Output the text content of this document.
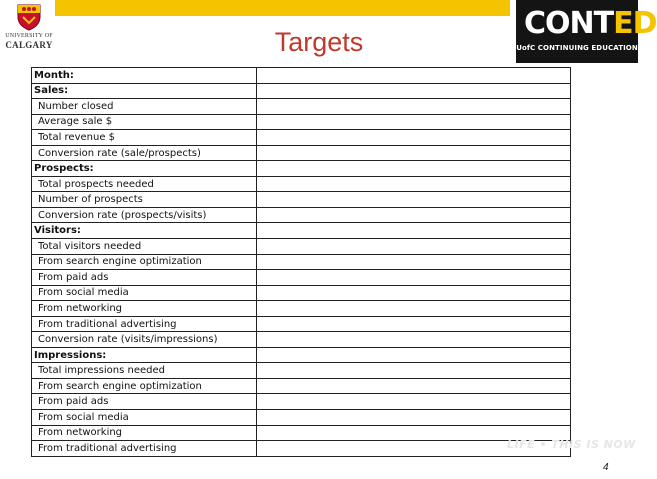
UNIVERSITY OF
CALGARY	Targets
CONTED
UofC CONTINUING EDUCATION
Month:	
Sales:	
Number closed	
Average sale $	
Total revenue $	
Conversion rate (sale/prospects)	
Prospects:	
Total prospects needed	
Number of prospects	
Conversion rate (prospects/visits)	
Visitors:	
Total visitors needed	
From search engine optimization	
From paid ads	
From social media	
From networking	
From traditional advertising	
Conversion rate (visits/impressions)	
Impressions:	
Total impressions needed	
From search engine optimization	
From paid ads	
From social media	
From networking	
From traditional advertising		LIFE • THIS IS NOW
4
